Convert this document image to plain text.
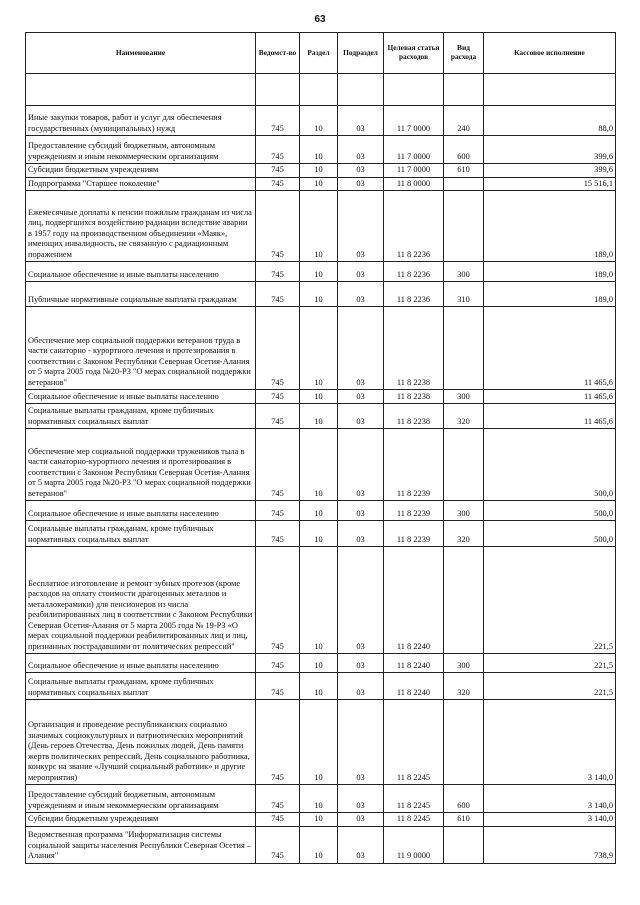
63
Наименование	Ведомст-во	Раздел	Подраздел	Целевая статья расходов	Вид расхода	Кассовое исполнение

Иные закупки товаров, работ и услуг для обеспечения государственных (муниципальных) нужд	745	10	03	11 7 0000	240	88,0
Предоставление субсидий бюджетным, автономным учреждениям и иным некоммерческим организациям	745	10	03	11 7 0000	600	399,6
Субсидии бюджетным учреждениям	745	10	03	11 7 0000	610	399,6
Подпрограмма "Старшее поколение"	745	10	03	11 8 0000		15 516,1
Ежемесячные доплаты к пенсии пожилым гражданам из числа лиц, подвергшихся воздействию радиации вследствие аварии в 1957 году на производственном объединении «Маяк», имеющих инвалидность, не связанную с радиационным поражением	745	10	03	11 8 2236		189,0
Социальное обеспечение и иные выплаты населению	745	10	03	11 8 2236	300	189,0
Публичные нормативные социальные выплаты гражданам	745	10	03	11 8 2236	310	189,0
Обеспечение мер социальной поддержки ветеранов труда в части санаторно - курортного лечения и протезирования в соответствии с Законом Республики Северная Осетия-Алания от 5 марта 2005 года №20-РЗ "О мерах социальной поддержки ветеранов"	745	10	03	11 8 2238		11 465,6
Социальное обеспечение и иные выплаты населению	745	10	03	11 8 2238	300	11 465,6
Социальные выплаты гражданам, кроме публичных нормативных социальных выплат	745	10	03	11 8 2238	320	11 465,6
Обеспечение мер социальной поддержки тружеников тыла в части санаторно-курортного лечения и протезирования в соответствии с Законом Республики Северная Осетия-Алания от 5 марта 2005 года №20-РЗ "О мерах социальной поддержки ветеранов"	745	10	03	11 8 2239		500,0
Социальное обеспечение и иные выплаты населению	745	10	03	11 8 2239	300	500,0
Социальные выплаты гражданам, кроме публичных нормативных социальных выплат	745	10	03	11 8 2239	320	500,0
Бесплатное изготовление и ремонт зубных протезов (кроме расходов на оплату стоимости драгоценных металлов и металлокерамики) для пенсионеров из числа реабилитированных лиц в соответствии с Законом Республики Северная Осетия-Алания от 5 марта 2005 года № 19-РЗ «О мерах социальной поддержки реабилитированных лиц и лиц, признанных пострадавшими от политических репрессий"	745	10	03	11 8 2240		221,5
Социальное обеспечение и иные выплаты населению	745	10	03	11 8 2240	300	221,5
Социальные выплаты гражданам, кроме публичных нормативных социальных выплат	745	10	03	11 8 2240	320	221,5
Организация и проведение республиканских социально значимых социокультурных и патриотических мероприятий (День героев Отечества, День пожилых людей, День памяти жертв политических репрессий, День социального работника, конкурс на звание «Лучший социальный работник» и другие мероприятия)	745	10	03	11 8 2245		3 140,0
Предоставление субсидий бюджетным, автономным учреждениям и иным некоммерческим организациям	745	10	03	11 8 2245	600	3 140,0
Субсидии бюджетным учреждениям	745	10	03	11 8 2245	610	3 140,0
Ведомственная программа "Информатизация системы социальной защиты населения Республики Северная Осетия – Алания"	745	10	03	11 9 0000		738,9
